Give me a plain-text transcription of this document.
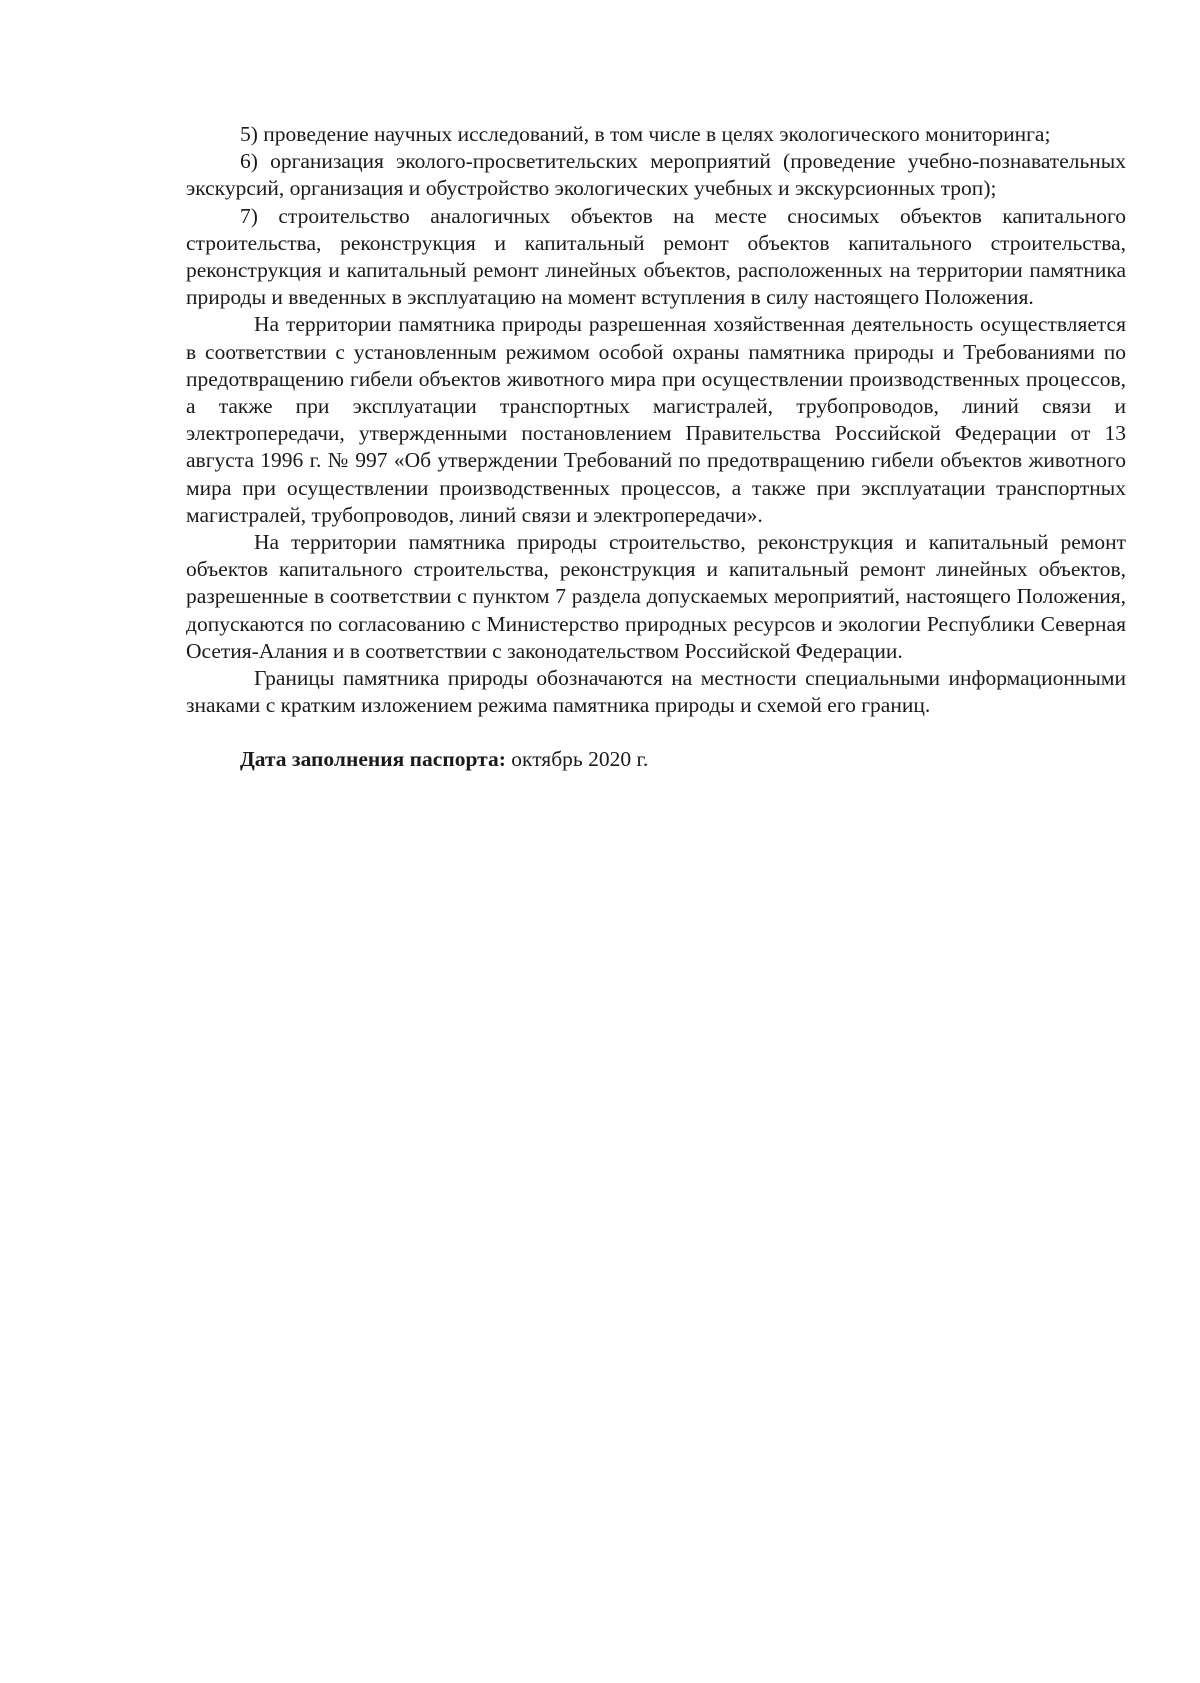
5) проведение научных исследований, в том числе в целях экологического мониторинга;

6) организация эколого-просветительских мероприятий (проведение учебно-познавательных экскурсий, организация и обустройство экологических учебных и экскурсионных троп);

7) строительство аналогичных объектов на месте сносимых объектов капитального строительства, реконструкция и капитальный ремонт объектов капитального строительства, реконструкция и капитальный ремонт линейных объектов, расположенных на территории памятника природы и введенных в эксплуатацию на момент вступления в силу настоящего Положения.

На территории памятника природы разрешенная хозяйственная деятельность осуществляется в соответствии с установленным режимом особой охраны памятника природы и Требованиями по предотвращению гибели объектов животного мира при осуществлении производственных процессов, а также при эксплуатации транспортных магистралей, трубопроводов, линий связи и электропередачи, утвержденными постановлением Правительства Российской Федерации от 13 августа 1996 г. № 997 «Об утверждении Требований по предотвращению гибели объектов животного мира при осуществлении производственных процессов, а также при эксплуатации транспортных магистралей, трубопроводов, линий связи и электропередачи».

На территории памятника природы строительство, реконструкция и капитальный ремонт объектов капитального строительства, реконструкция и капитальный ремонт линейных объектов, разрешенные в соответствии с пунктом 7 раздела допускаемых мероприятий, настоящего Положения, допускаются по согласованию с Министерство природных ресурсов и экологии Республики Северная Осетия-Алания и в соответствии с законодательством Российской Федерации.

Границы памятника природы обозначаются на местности специальными информационными знаками с кратким изложением режима памятника природы и схемой его границ.

Дата заполнения паспорта: октябрь 2020 г.
